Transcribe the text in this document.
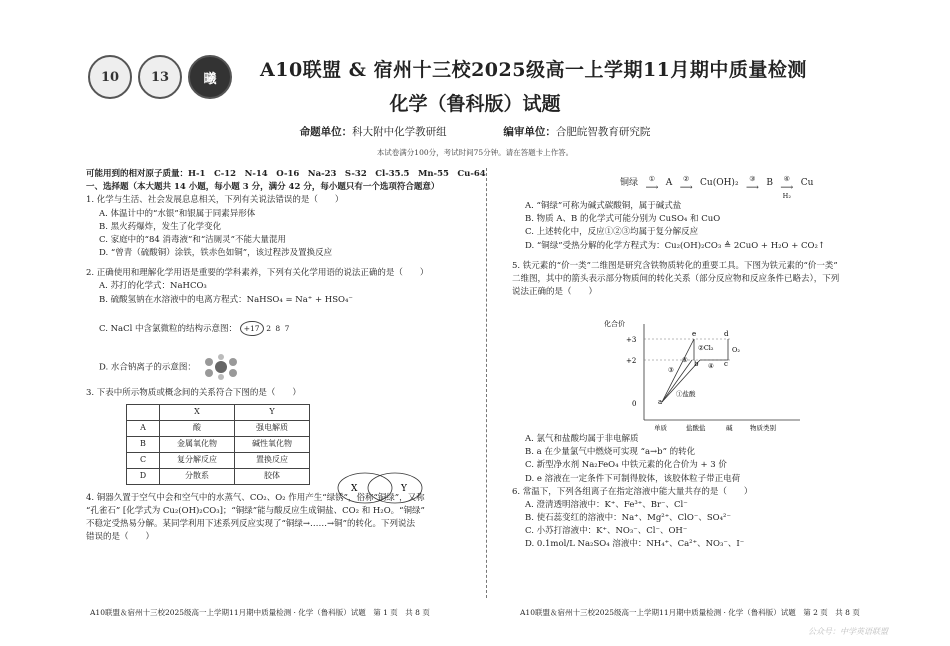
10 13	曦 A10联盟 & 宿州十三校2025级高一上学期11月期中质量检测
化学（鲁科版）试题
命题单位：科大附中化学教研组	编审单位：合肥皖智教育研究院
本试卷满分100分，考试时间75分钟。请在答题卡上作答。

可能用到的相对原子质量：H-1　C-12　N-14　O-16　Na-23　S-32　Cl-35.5　Mn-55　Cu-64

一、选择题（本大题共 14 小题，每小题 3 分，满分 42 分，每小题只有一个选项符合题意）

1. 化学与生活、社会发展息息相关，下列有关说法错误的是（　　）

A. 体温计中的“水银”和银属于同素异形体

B. 黑火药爆炸，发生了化学变化

C. 家庭中的“84 消毒液”和“洁厕灵”不能大量混用

D. “曾青（硫酸铜）涂铁，铁赤色如铜”，该过程涉及置换反应

2. 正确使用和理解化学用语是重要的学科素养，下列有关化学用语的说法正确的是（　　）

A. 苏打的化学式：NaHCO₃

B. 硫酸氢钠在水溶液中的电离方程式：NaHSO₄ = Na⁺ + HSO₄⁻

C. NaCl 中含氯微粒的结构示意图： +17 2 8 7

D. 水合钠离子的示意图：

3. 下表中所示物质或概念间的关系符合下图的是（　　）

	X	Y
A	酸	强电解质
B	金属氧化物	碱性氧化物
C	复分解反应	置换反应
D	分散系	胶体

4. 铜器久置于空气中会和空气中的水蒸气、CO₂、O₂ 作用产生“绿锈”，俗称“铜绿”，又称

“孔雀石” [化学式为 Cu₂(OH)₂CO₃]；“铜绿”能与酸反应生成铜盐、CO₂ 和 H₂O。“铜绿”

不稳定受热易分解。某同学利用下述系列反应实现了“铜绿→……→铜”的转化。下列说法

错误的是（　　）

X	Y
铜绿	①
⟶ A	②
⟶ Cu(OH)₂	③
⟶ B	④
⟶
H₂
Cu

A. “铜绿”可称为碱式碳酸铜，属于碱式盐

B. 物质 A、B 的化学式可能分别为 CuSO₄ 和 CuO

C. 上述转化中，反应①②③均属于复分解反应

D. “铜绿”受热分解的化学方程式为：Cu₂(OH)₂CO₃ ≜ 2CuO + H₂O + CO₂↑

5. 铁元素的“价一类”二维图是研究含铁物质转化的重要工具。下图为铁元素的“价一类”

二维图，其中的箭头表示部分物质间的转化关系（部分反应物和反应条件已略去），下列

说法正确的是（　　）

化合价
+3
+2
0
单质	盐酸盐	碱	物质类别
a
b	c
d
e
①盐酸
②Cl₂
③	④
⑤
O₂

A. 氯气和盐酸均属于非电解质

B. a 在少量氯气中燃烧可实现 “a→b” 的转化

C. 新型净水剂 Na₂FeO₄ 中铁元素的化合价为 + 3 价

D. e 溶液在一定条件下可制得胶体，该胶体粒子带正电荷

6. 常温下，下列各组离子在指定溶液中能大量共存的是（　　）

A. 澄清透明溶液中：K⁺、Fe³⁺、Br⁻、Cl⁻

B. 使石蕊变红的溶液中：Na⁺、Mg²⁺、ClO⁻、SO₄²⁻

C. 小苏打溶液中：K⁺、NO₃⁻、Cl⁻、OH⁻

D. 0.1mol/L Na₂SO₄ 溶液中：NH₄⁺、Ca²⁺、NO₃⁻、I⁻

A10联盟＆宿州十三校2025级高一上学期11月期中质量检测 · 化学（鲁科版）试题　第 1 页　共 8 页	A10联盟＆宿州十三校2025级高一上学期11月期中质量检测 · 化学（鲁科版）试题　第 2 页　共 8 页
公众号：中学英语联盟
